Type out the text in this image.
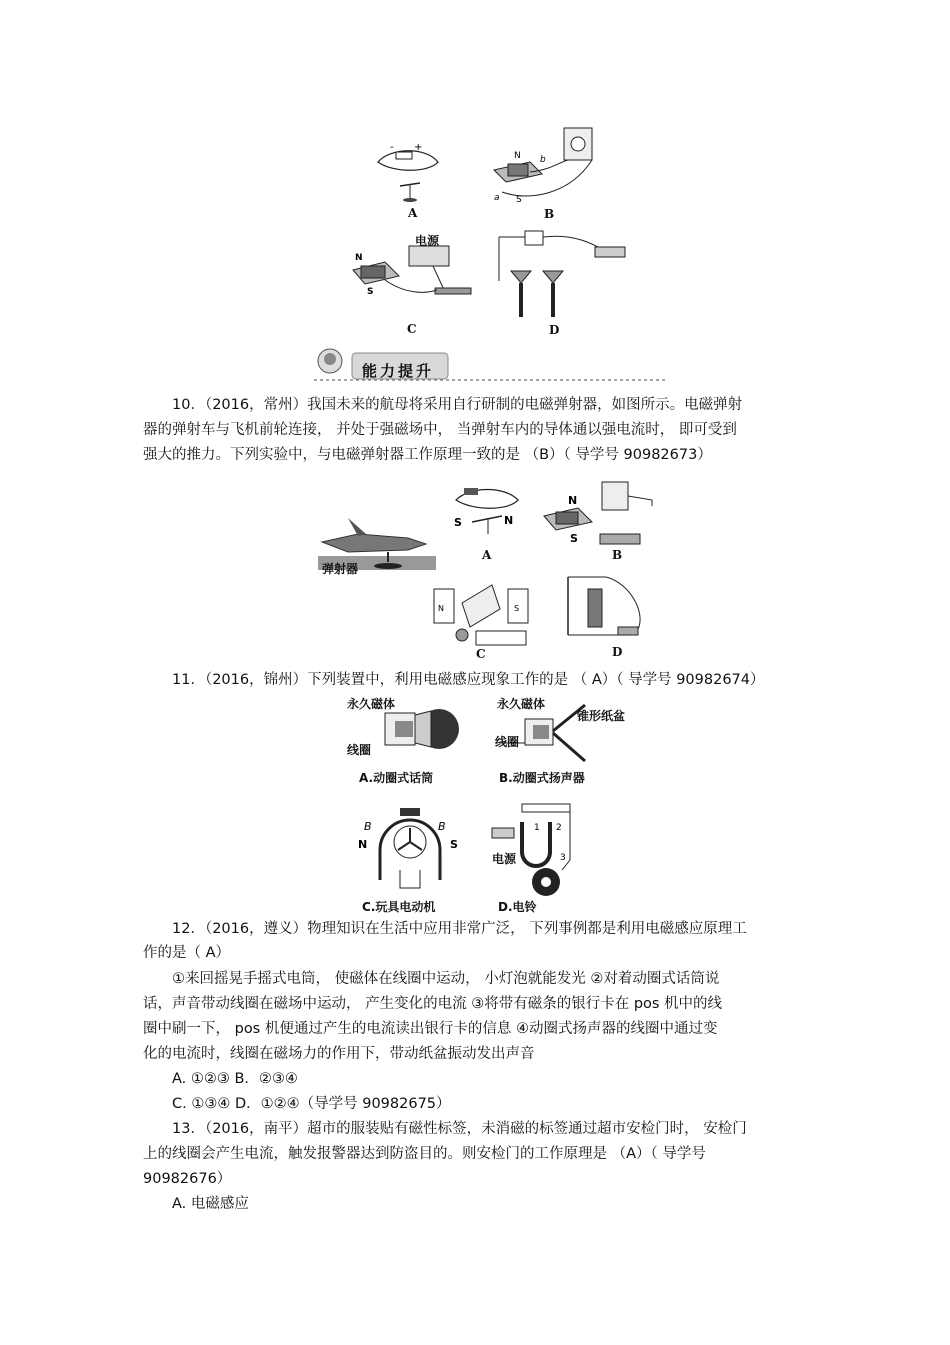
- +
A
N
S
a
b
B
N
S
电源
C	D
能力提升
10．（2016，常州）我国未来的航母将采用自行研制的电磁弹射器，如图所示。电磁弹射
器的弹射车与飞机前轮连接， 并处于强磁场中， 当弹射车内的导体通以强电流时， 即可受到
强大的推力。下列实验中，与电磁弹射器工作原理一致的是 （B）（ 导学号 90982673）
弹射器
S	N
A
N
S
B
N	S
C	D
11．（2016，锦州）下列装置中，利用电磁感应现象工作的是 （ A）（ 导学号 90982674）
永久磁体
线圈
A.动圈式话筒
永久磁体
锥形纸盆
线圈
B.动圈式扬声器
N	S
B	B
C.玩具电动机
1 2
3
电源
D.电铃
12．（2016，遵义）物理知识在生活中应用非常广泛， 下列事例都是利用电磁感应原理工
作的是（ A）
①来回摇晃手摇式电筒， 使磁体在线圈中运动， 小灯泡就能发光 ②对着动圈式话筒说
话，声音带动线圈在磁场中运动， 产生变化的电流 ③将带有磁条的银行卡在 pos 机中的线
圈中刷一下， pos 机便通过产生的电流读出银行卡的信息 ④动圈式扬声器的线圈中通过变
化的电流时，线圈在磁场力的作用下，带动纸盆振动发出声音
A. ①②③ B．②③④
C. ①③④ D．①②④（导学号 90982675）
13．（2016，南平）超市的服装贴有磁性标签，未消磁的标签通过超市安检门时， 安检门
上的线圈会产生电流，触发报警器达到防盗目的。则安检门的工作原理是 （A）（ 导学号
90982676）
A. 电磁感应
